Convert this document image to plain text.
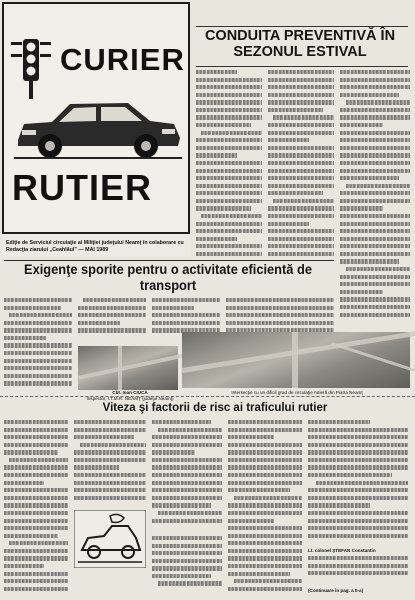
CURIER
RUTIER
Ediţie de Serviciul circulaţie al Miliţiei judeţului Neamţ în colaborare cu Redacţia ziarului „Ceahlăul” — MAI 1989
CONDUITA PREVENTIVĂ ÎN SEZONUL ESTIVAL
Exigenţe sporite pentru o activitate eficientă de transport
Cbt. Ioan CIUCĂ
Inspector, I.T.M.R. NEAMŢ (judeţul Neamţ)
Intersecţie cu un dificil grad de circulaţie rutieră din Piatra Neamţ
Viteza şi factorii de risc ai traficului rutier
Lt. colonel ŞTEFAN Constantin
(Continuare în pag. a II-a)
